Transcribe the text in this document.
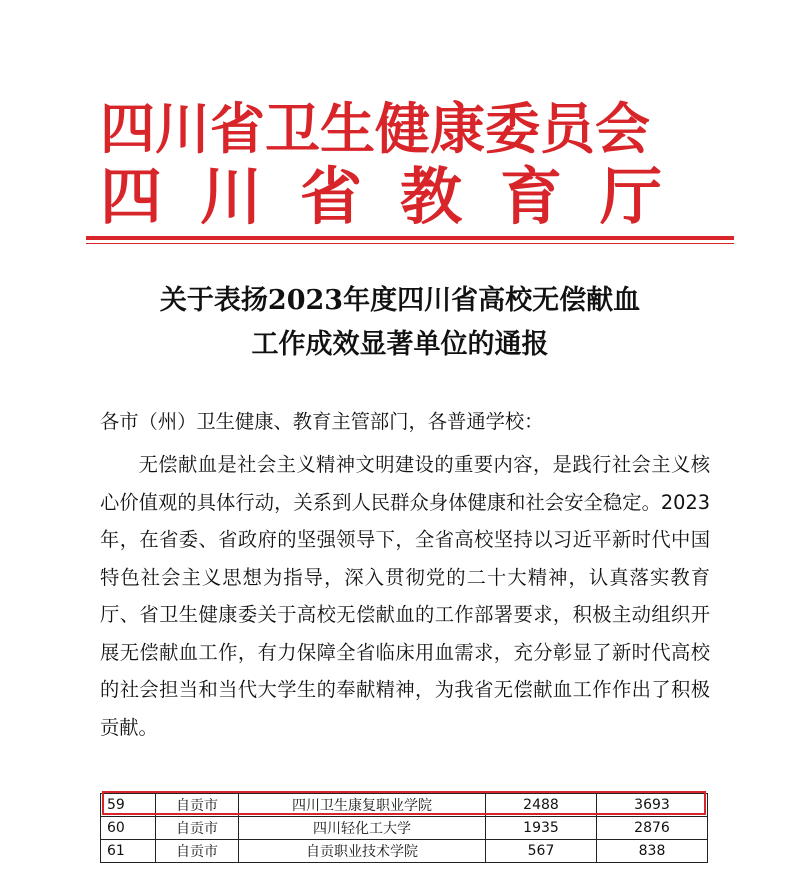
四川省卫生健康委员会
四川省教育厅
关于表扬2023年度四川省高校无偿献血
工作成效显著单位的通报
各市（州）卫生健康、教育主管部门，各普通学校：
无偿献血是社会主义精神文明建设的重要内容，是践行社会主义核心价值观的具体行动，关系到人民群众身体健康和社会安全稳定。2023年，在省委、省政府的坚强领导下，全省高校坚持以习近平新时代中国特色社会主义思想为指导，深入贯彻党的二十大精神，认真落实教育厅、省卫生健康委关于高校无偿献血的工作部署要求，积极主动组织开展无偿献血工作，有力保障全省临床用血需求，充分彰显了新时代高校的社会担当和当代大学生的奉献精神，为我省无偿献血工作作出了积极贡献。
59	自贡市	四川卫生康复职业学院	2488	3693
60	自贡市	四川轻化工大学	1935	2876
61	自贡市	自贡职业技术学院	567	838
